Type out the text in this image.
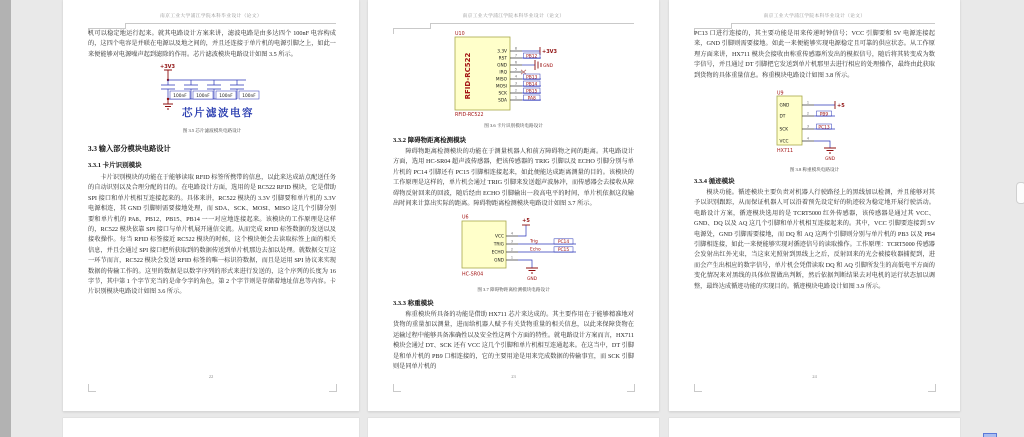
南京工业大学浦江学院本科毕业设计（论文）
机可以稳定地运行起来。就其电路设计方案来讲，滤波电路是由多达四个 100nF 电容构成的，这四个电容是并联在电源以及地之间的，并且还连接于单片机的电源引脚之上，如此一来便能够对电源噪声起到滤除的作用。芯片滤波模块电路设计如图 3.5 所示。
+3V3
100nF 100nF 100nF 100nF
芯片滤波电容
图 3.5 芯片滤波模块电路设计
3.3 输入部分模块电路设计
3.3.1 卡片识别模块
卡片识别模块的功能在于能够读取 RFID 标签所携带的信息，以此来达成站点配送任务的自动识别以及合理分配的目的。在电路设计方面，选用的是 RC522 RFID 模块，它是借助 SPI 接口和单片机相互连接起来的。具体来讲，RC522 模块的 3.3V 引脚要和单片机的 3.3V 电源相连，其 GND 引脚则需要接地处理，而 SDA、SCK、MOSI、MISO 这几个引脚分别要和单片机的 PA8、PB12、PB15、PB14 一一对应地连接起来。该模块的工作原理是这样的，RC522 模块依靠 SPI 接口与单片机展开通信交流。从而完成 RFID 标签数据的发送以及接收操作。每当 RFID 标签接近 RC522 模块的时候，这个模块便会去读取标签上面的相关信息，并且会通过 SPI 接口把所获取到的数据传送到单片机那边去加以处理。就数据交互这一环节而言，RC522 模块会发送 RFID 标签的唯一标识符数据，而且是运用 SPI 协议来实现数据的传输工作的。这里的数据是以数字序列的形式来进行发送的，这个序列的长度为 16 字节，其中第 1 个字节充当的是命令字的角色，第 2 个字节则是存储着地址信息等内容。卡片识别模块电路设计如图 3.6 所示。
22
南京工业大学浦江学院本科毕业设计（论文）
U10
RFID-RC522
3.3V
RST
GND
IRQ
MISO
MOSI
SCK
SDA
8
7
6
5
4
3
2
1
+3V3
PB12
GND
PB13
PB14
PB15
PA8
RFID-RC522
图 3.6 卡片识别模块电路设计
3.3.2 障碍物距离检测模块
障碍物距离检测模块的功能在于测量机器人和前方障碍物之间的距离。其电路设计方面，选用 HC-SR04 超声波传感器，把该传感器的 TRIG 引脚以及 ECHO 引脚分别与单片机的 PC14 引脚还有 PC15 引脚相连接起来，如此便能达成距离测量的目的。该模块的工作原理是这样的，单片机会通过 TRIG 引脚来发送超声波脉冲，而传感器会去接收从障碍物反射回来的回波，随后经由 ECHO 引脚输出一段高电平的时间，单片机依据这段输出时间来计算出实际的距离。障碍物距离检测模块电路设计如图 3.7 所示。
U6
VCC
TRIG
ECHO
GND
4
3
2
1
+5
Trig	PC14
Echo	PC15
GND
HC-SR04
图 3.7 障碍物距离检测模块电路设计
3.3.3 称重模块
称重模块所具备的功能是借助 HX711 芯片来达成的。其主要作用在于能够精准地对货物的重量加以测量，进而给机器人赋予有关货物重量的相关信息，以此来保障货物在运输过程中能够具备准确性以及安全性这两个方面的特性。就电路设计方案而言，HX711 模块会通过 DT、SCK 还有 VCC 这几个引脚和单片机相互连通起来。在这当中，DT 引脚是和单片机的 PB9 口相连接的，它的主要用途是用来完成数据的传输事宜，而 SCK 引脚则是同单片机的
23
南京工业大学浦江学院本科毕业设计（论文）
PC13 口进行连接的，其主要功能是用来传递时钟信号；VCC 引脚要和 5V 电源连接起来，GND 引脚则需要接地。如此一来便能够实现电源稳定且可靠的供应状态。从工作原理方面来讲，HX711 模块会接收由称重传感器所发出的模拟信号，随后将其转变成为数字信号，并且通过 DT 引脚把它发送到单片机那里去进行相应的处理操作，最终由此获取到货物的具体重量信息。称重模块电路设计如图 3.8 所示。
U9
GND
DT
SCK
VCC
1
2
3
4
+5
PB9
PC13
GND
HX711
图 3.8 称重模块电路设计
3.3.4 循迹模块
模块功能。循迹模块主要负责对机器人行驶路径上的黑线加以检测，并且能够对其予以识别跟踪，从而保证机器人可以沿着预先设定好的轨迹较为稳定地开展行驶活动。电路设计方案，循迹模块选用的是 TCRT5000 红外传感器，该传感器是通过其 VCC、GND、DQ 以及 AQ 这几个引脚和单片机相互连接起来的。其中，VCC 引脚要连接到 5V 电源处，GND 引脚需要接地，而 DQ 和 AQ 这两个引脚则分别与单片机的 PB3 以及 PB4 引脚相连接，如此一来便能够实现对循迹信号的读取操作。工作原理：TCRT5000 传感器会发射出红外光束，当这束光照射到黑线上之后，反射回来的光会被接收器捕捉到，进而会产生出相应的数字信号，单片机会凭借读取 DQ 和 AQ 引脚所发生的高低电平方面的变化情况来对黑线的具体位置做出判断，然后依据判断结果去对电机的运行状态加以调整，最终达成循迹功能的实现目的。循迹模块电路设计如图 3.9 所示。
24
